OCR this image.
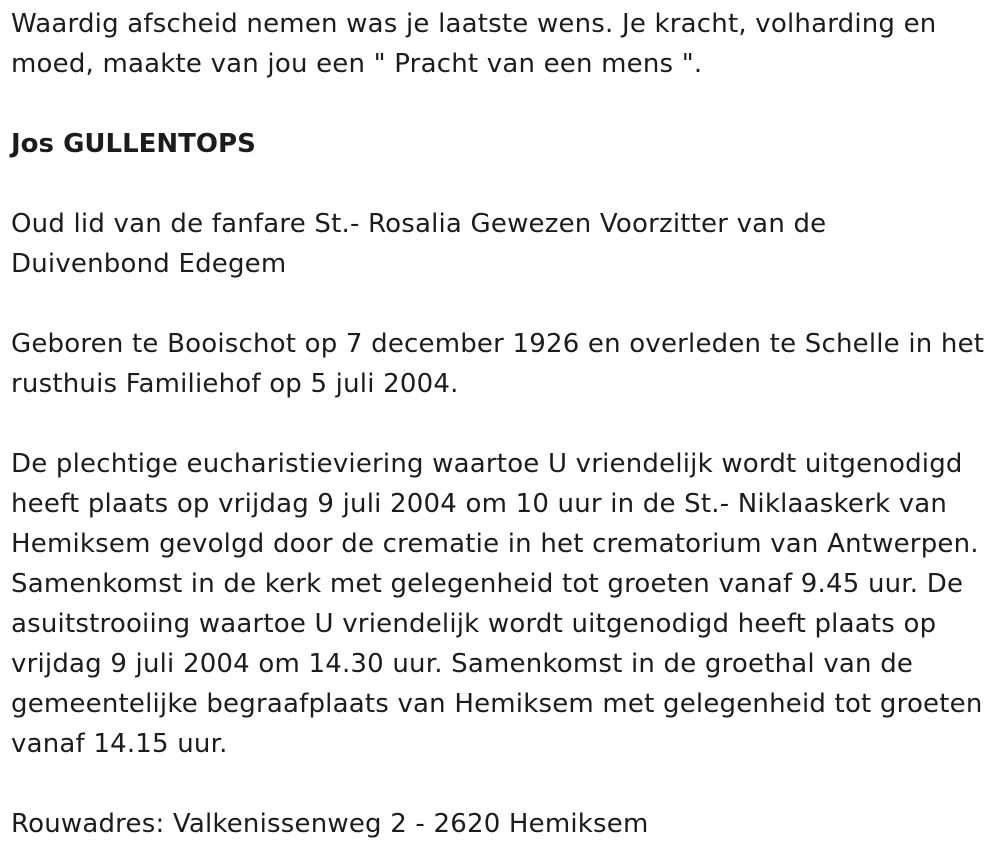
Waardig afscheid nemen was je laatste wens. Je kracht, volharding en moed, maakte van jou een " Pracht van een mens ".

Jos GULLENTOPS

Oud lid van de fanfare St.- Rosalia Gewezen Voorzitter van de Duivenbond Edegem

Geboren te Booischot op 7 december 1926 en overleden te Schelle in het rusthuis Familiehof op 5 juli 2004.

De plechtige eucharistieviering waartoe U vriendelijk wordt uitgenodigd heeft plaats op vrijdag 9 juli 2004 om 10 uur in de St.- Niklaaskerk van Hemiksem gevolgd door de crematie in het crematorium van Antwerpen. Samenkomst in de kerk met gelegenheid tot groeten vanaf 9.45 uur. De asuitstrooiing waartoe U vriendelijk wordt uitgenodigd heeft plaats op vrijdag 9 juli 2004 om 14.30 uur. Samenkomst in de groethal van de gemeentelijke begraafplaats van Hemiksem met gelegenheid tot groeten vanaf 14.15 uur.

Rouwadres: Valkenissenweg 2 - 2620 Hemiksem
